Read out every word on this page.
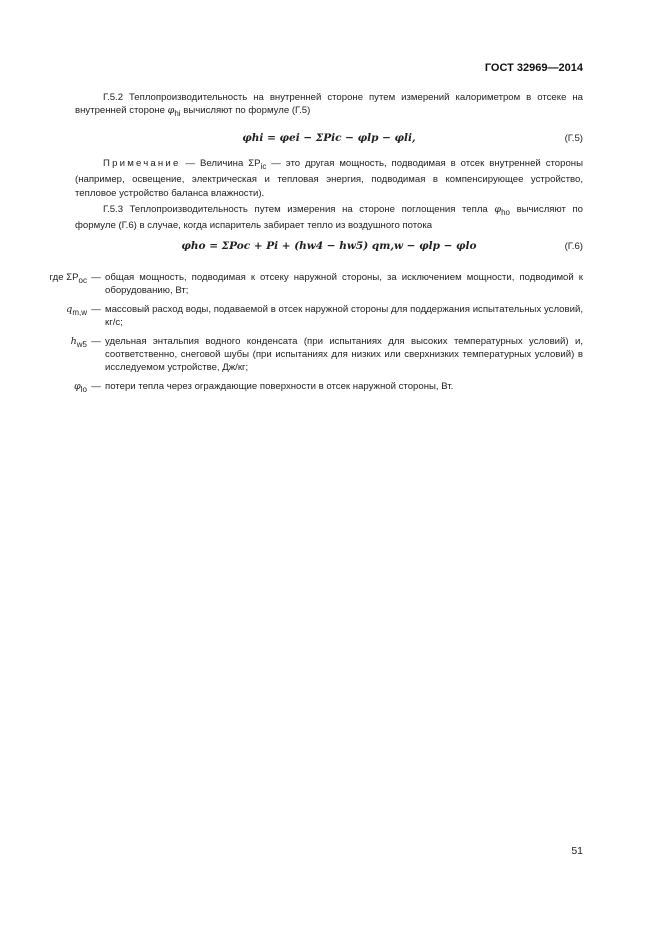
ГОСТ 32969—2014
Г.5.2 Теплопроизводительность на внутренней стороне путем измерений калориметром в отсеке на внутренней стороне $\varphi_{hi}$ вычисляют по формуле (Г.5)
φhi = φei − ΣPic − φlp − φli,	(Г.5)
Примечание — Величина $\Sigma P_{ic}$ — это другая мощность, подводимая в отсек внутренней стороны (например, освещение, электрическая и тепловая энергия, подводимая в компенсирующее устройство, тепловое устройство баланса влажности).
Г.5.3 Теплопроизводительность путем измерения на стороне поглощения тепла $\varphi_{ho}$ вычисляют по формуле (Г.6) в случае, когда испаритель забирает тепло из воздушного потока
φho = ΣPoc + Pi + (hw4 − hw5) qm,w − φlp − φlo	(Г.6)
где $\Sigma P_{oc}$ — общая мощность, подводимая к отсеку наружной стороны, за исключением мощности, подводимой к оборудованию, Вт;
$q_{m,w}$ — массовый расход воды, подаваемой в отсек наружной стороны для поддержания испытательных условий, кг/с;
$h_{w5}$ — удельная энтальпия водного конденсата (при испытаниях для высоких температурных условий) и, соответственно, снеговой шубы (при испытаниях для низких или сверхнизких температурных условий) в исследуемом устройстве, Дж/кг;
$\varphi_{lo}$ — потери тепла через ограждающие поверхности в отсек наружной стороны, Вт.
51
